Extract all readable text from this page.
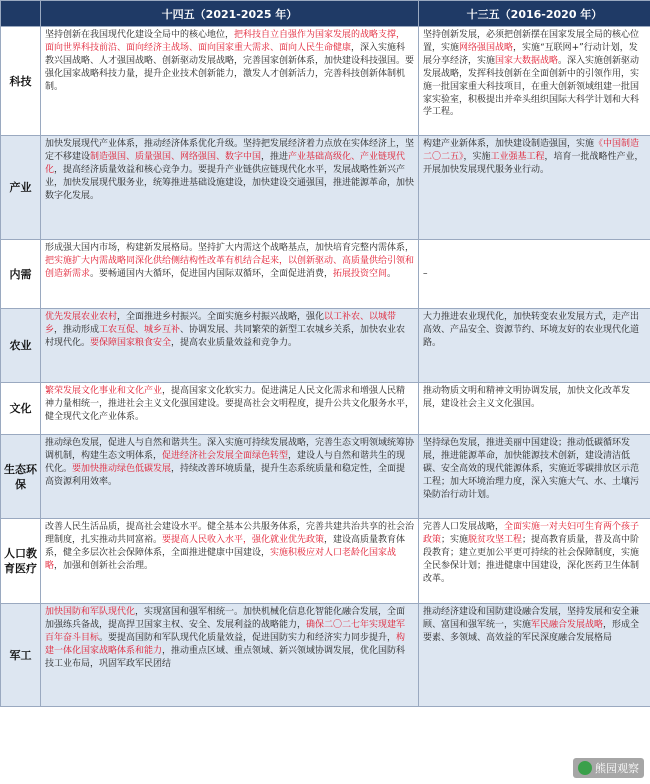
	十四五（2021-2025 年）	十三五（2016-2020 年）
科技	坚持创新在我国现代化建设全局中的核心地位，把科技自立自强作为国家发展的战略支撑，面向世界科技前沿、面向经济主战场、面向国家重大需求、面向人民生命健康，深入实施科教兴国战略、人才强国战略、创新驱动发展战略，完善国家创新体系，加快建设科技强国。要强化国家战略科技力量，提升企业技术创新能力，激发人才创新活力，完善科技创新体制机制。	坚持创新发展，必须把创新摆在国家发展全局的核心位置，实施网络强国战略，实施“互联网+”行动计划，发展分享经济，实施国家大数据战略。深入实施创新驱动发展战略，发挥科技创新在全面创新中的引领作用，实施一批国家重大科技项目，在重大创新领域组建一批国家实验室，积极提出并牵头组织国际大科学计划和大科学工程。
产业	加快发展现代产业体系，推动经济体系优化升级。坚持把发展经济着力点放在实体经济上，坚定不移建设制造强国、质量强国、网络强国、数字中国，推进产业基础高级化、产业链现代化，提高经济质量效益和核心竞争力。要提升产业链供应链现代化水平，发展战略性新兴产业，加快发展现代服务业，统筹推进基础设施建设，加快建设交通强国，推进能源革命，加快数字化发展。	构建产业新体系，加快建设制造强国，实施《中国制造二〇二五》，实施工业强基工程，培育一批战略性产业，开展加快发展现代服务业行动。
内需	形成强大国内市场，构建新发展格局。坚持扩大内需这个战略基点，加快培育完整内需体系，把实施扩大内需战略同深化供给侧结构性改革有机结合起来，以创新驱动、高质量供给引领和创造新需求。要畅通国内大循环，促进国内国际双循环，全面促进消费，拓展投资空间。	–
农业	优先发展农业农村，全面推进乡村振兴。全面实施乡村振兴战略，强化以工补农、以城带乡，推动形成工农互促、城乡互补、协调发展、共同繁荣的新型工农城乡关系，加快农业农村现代化。要保障国家粮食安全，提高农业质量效益和竞争力。	大力推进农业现代化，加快转变农业发展方式，走产出高效、产品安全、资源节约、环境友好的农业现代化道路。
文化	繁荣发展文化事业和文化产业，提高国家文化软实力。促进满足人民文化需求和增强人民精神力量相统一，推进社会主义文化强国建设。要提高社会文明程度，提升公共文化服务水平，健全现代文化产业体系。	推动物质文明和精神文明协调发展，加快文化改革发展，建设社会主义文化强国。
生态环保	推动绿色发展，促进人与自然和谐共生。深入实施可持续发展战略，完善生态文明领域统筹协调机制，构建生态文明体系，促进经济社会发展全面绿色转型，建设人与自然和谐共生的现代化。要加快推动绿色低碳发展，持续改善环境质量，提升生态系统质量和稳定性，全面提高资源利用效率。	坚持绿色发展，推进美丽中国建设；推动低碳循环发展，推进能源革命，加快能源技术创新，建设清洁低碳、安全高效的现代能源体系，实施近零碳排放区示范工程；加大环境治理力度，深入实施大气、水、土壤污染防治行动计划。
人口教育医疗	改善人民生活品质，提高社会建设水平。健全基本公共服务体系，完善共建共治共享的社会治理制度，扎实推动共同富裕。要提高人民收入水平，强化就业优先政策，建设高质量教育体系，健全多层次社会保障体系，全面推进健康中国建设，实施积极应对人口老龄化国家战略，加强和创新社会治理。	完善人口发展战略，全面实施一对夫妇可生育两个孩子政策；实施脱贫攻坚工程；提高教育质量，普及高中阶段教育；建立更加公平更可持续的社会保障制度，实施全民参保计划；推进健康中国建设，深化医药卫生体制改革。
军工	加快国防和军队现代化，实现富国和强军相统一。加快机械化信息化智能化融合发展，全面加强练兵备战，提高捍卫国家主权、安全、发展利益的战略能力，确保二〇二七年实现建军百年奋斗目标。要提高国防和军队现代化质量效益，促进国防实力和经济实力同步提升，构建一体化国家战略体系和能力，推动重点区域、重点领域、新兴领域协调发展，优化国防科技工业布局，巩固军政军民团结	推动经济建设和国防建设融合发展，坚持发展和安全兼顾、富国和强军统一，实施军民融合发展战略，形成全要素、多领域、高效益的军民深度融合发展格局
熊园观察
